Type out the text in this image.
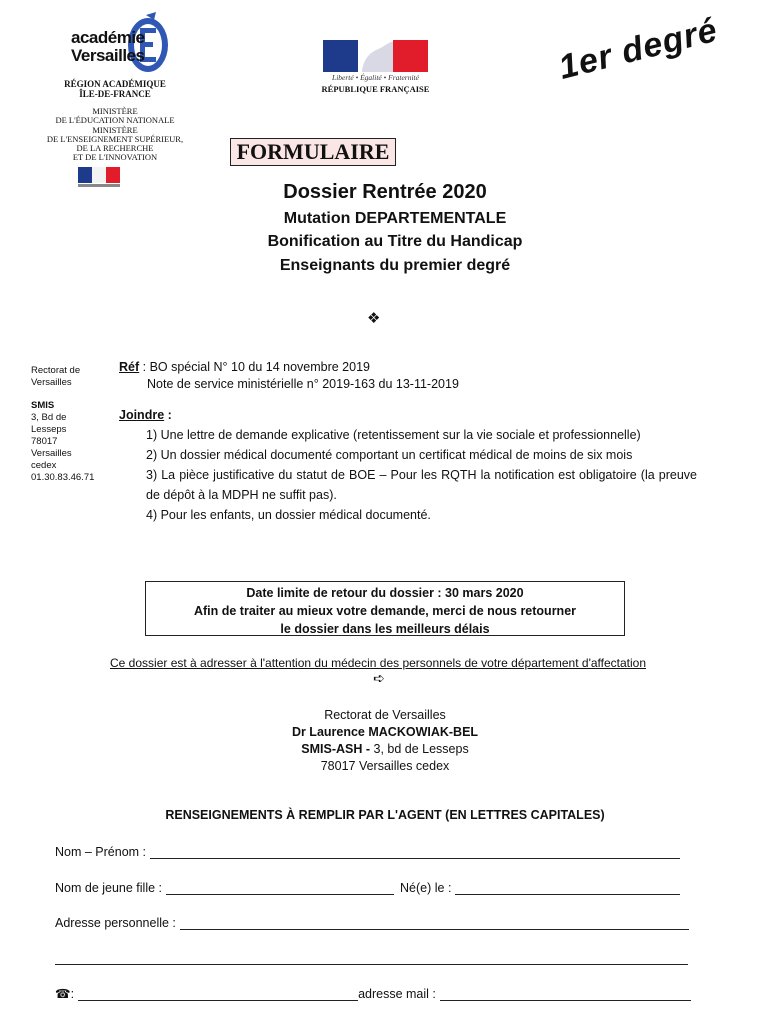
académie
Versailles
RÉGION ACADÉMIQUE
ÎLE-DE-FRANCE
MINISTÈRE
DE L'ÉDUCATION NATIONALE
MINISTÈRE
DE L'ENSEIGNEMENT SUPÉRIEUR,
DE LA RECHERCHE
ET DE L'INNOVATION
Liberté • Égalité • Fraternité
RÉPUBLIQUE FRANÇAISE
1er degré
FORMULAIRE
Dossier Rentrée 2020
Mutation DEPARTEMENTALE
Bonification au Titre du Handicap
Enseignants du premier degré
❖
Rectorat de
Versailles
SMIS
3, Bd de
Lesseps
78017
Versailles
cedex
01.30.83.46.71
Réf : BO spécial N° 10 du 14 novembre 2019
Note de service ministérielle n° 2019-163 du 13-11-2019
Joindre :
1) Une lettre de demande explicative (retentissement sur la vie sociale et professionnelle)
2) Un dossier médical documenté comportant un certificat médical de moins de six mois
3) La pièce justificative du statut de BOE – Pour les RQTH la notification est obligatoire (la preuve de dépôt à la MDPH ne suffit pas).
4) Pour les enfants, un dossier médical documenté.
Date limite de retour du dossier : 30 mars 2020
Afin de traiter au mieux votre demande, merci de nous retourner
le dossier dans les meilleurs délais
Ce dossier est à adresser à l'attention du médecin des personnels de votre département d'affectation
➪
Rectorat de Versailles
Dr Laurence MACKOWIAK-BEL
SMIS-ASH - 3, bd de Lesseps
78017 Versailles cedex
RENSEIGNEMENTS À REMPLIR PAR L'AGENT (EN LETTRES CAPITALES)
Nom – Prénom :
Nom de jeune fille :	Né(e) le :
Adresse personnelle :
☎ :	adresse mail :
